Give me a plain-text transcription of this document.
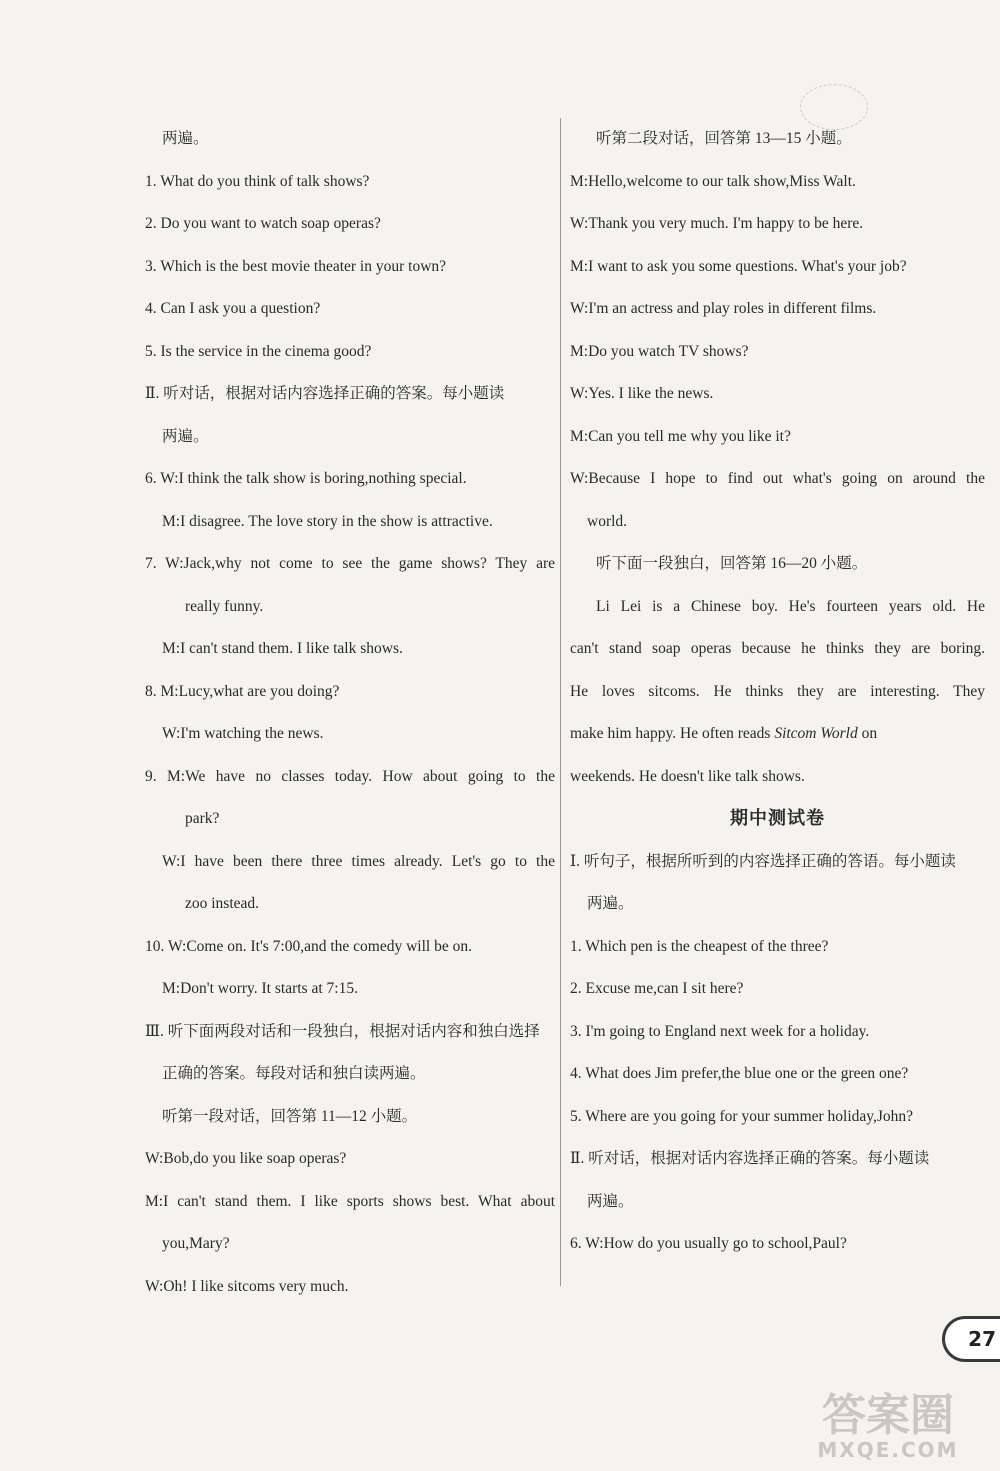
两遍。
1. What do you think of talk shows?
2. Do you want to watch soap operas?
3. Which is the best movie theater in your town?
4. Can I ask you a question?
5. Is the service in the cinema good?
Ⅱ. 听对话，根据对话内容选择正确的答案。每小题读
两遍。
6. W:I think the talk show is boring,nothing special.
M:I disagree. The love story in the show is attractive.
7. W:Jack,why not come to see the game shows? They are
really funny.
M:I can't stand them. I like talk shows.
8. M:Lucy,what are you doing?
W:I'm watching the news.
9. M:We have no classes today. How about going to the
park?
W:I have been there three times already. Let's go to the
zoo instead.
10. W:Come on. It's 7:00,and the comedy will be on.
M:Don't worry. It starts at 7:15.
Ⅲ. 听下面两段对话和一段独白，根据对话内容和独白选择
正确的答案。每段对话和独白读两遍。
听第一段对话，回答第 11—12 小题。
W:Bob,do you like soap operas?
M:I can't stand them. I like sports shows best. What about
you,Mary?
W:Oh! I like sitcoms very much.
听第二段对话，回答第 13—15 小题。
M:Hello,welcome to our talk show,Miss Walt.
W:Thank you very much. I'm happy to be here.
M:I want to ask you some questions. What's your job?
W:I'm an actress and play roles in different films.
M:Do you watch TV shows?
W:Yes. I like the news.
M:Can you tell me why you like it?
W:Because I hope to find out what's going on around the
world.
听下面一段独白，回答第 16—20 小题。
Li Lei is a Chinese boy. He's fourteen years old. He
can't stand soap operas because he thinks they are boring.
He loves sitcoms. He thinks they are interesting. They
make him happy. He often reads Sitcom World on
weekends. He doesn't like talk shows.
期中测试卷
Ⅰ. 听句子，根据所听到的内容选择正确的答语。每小题读
两遍。
1. Which pen is the cheapest of the three?
2. Excuse me,can I sit here?
3. I'm going to England next week for a holiday.
4. What does Jim prefer,the blue one or the green one?
5. Where are you going for your summer holiday,John?
Ⅱ. 听对话，根据对话内容选择正确的答案。每小题读
两遍。
6. W:How do you usually go to school,Paul?
27
答案圈
MXQE.COM
